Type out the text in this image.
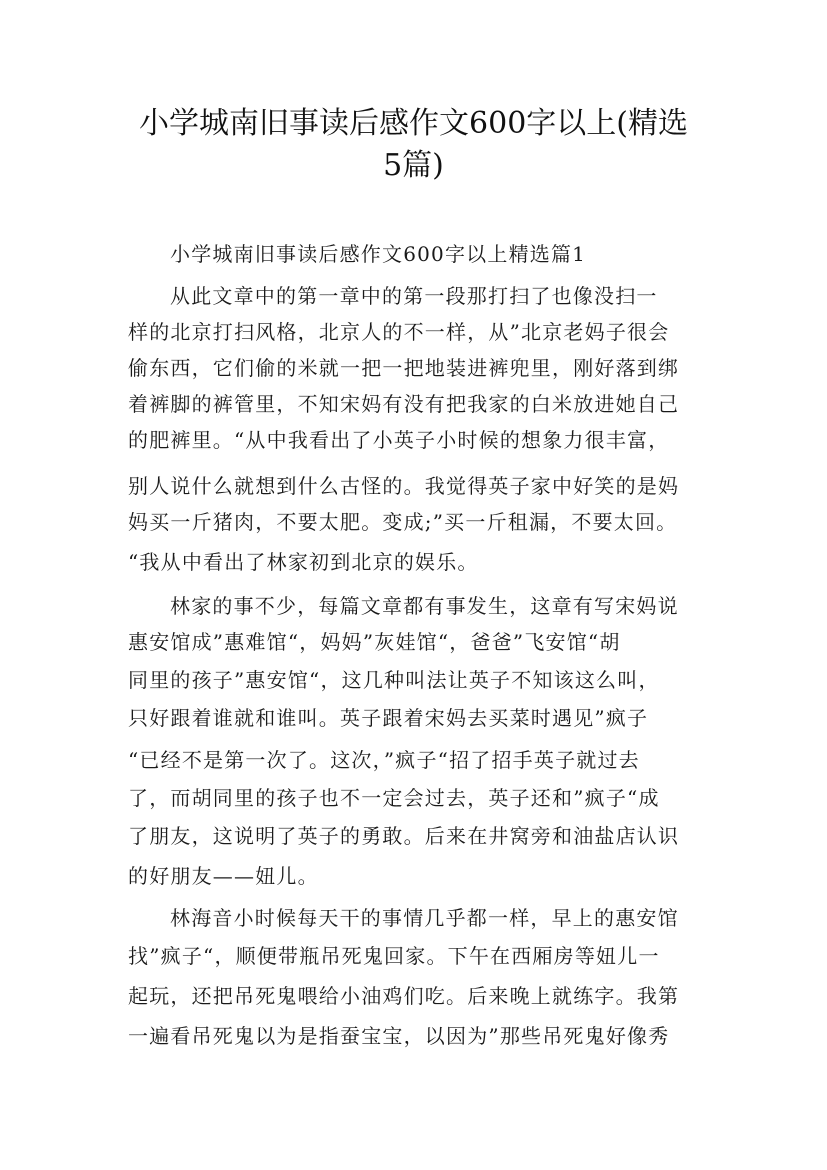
小学城南旧事读后感作文600字以上(精选
5篇)
小学城南旧事读后感作文600字以上精选篇1
从此文章中的第一章中的第一段那打扫了也像没扫一
样的北京打扫风格，北京人的不一样，从”北京老妈子很会
偷东西，它们偷的米就一把一把地装进裤兜里，刚好落到绑
着裤脚的裤管里，不知宋妈有没有把我家的白米放进她自己
的肥裤里。“从中我看出了小英子小时候的想象力很丰富，
别人说什么就想到什么古怪的。我觉得英子家中好笑的是妈
妈买一斤猪肉，不要太肥。变成;”买一斤租漏，不要太回。
“我从中看出了林家初到北京的娱乐。
林家的事不少，每篇文章都有事发生，这章有写宋妈说
惠安馆成”惠难馆“，妈妈”灰娃馆“，爸爸”飞安馆“胡
同里的孩子”惠安馆“，这几种叫法让英子不知该这么叫，
只好跟着谁就和谁叫。英子跟着宋妈去买菜时遇见”疯子
“已经不是第一次了。这次，”疯子“招了招手英子就过去
了，而胡同里的孩子也不一定会过去，英子还和”疯子“成
了朋友，这说明了英子的勇敢。后来在井窝旁和油盐店认识
的好朋友——妞儿。
林海音小时候每天干的事情几乎都一样，早上的惠安馆
找”疯子“，顺便带瓶吊死鬼回家。下午在西厢房等妞儿一
起玩，还把吊死鬼喂给小油鸡们吃。后来晚上就练字。我第
一遍看吊死鬼以为是指蚕宝宝，以因为”那些吊死鬼好像秀
